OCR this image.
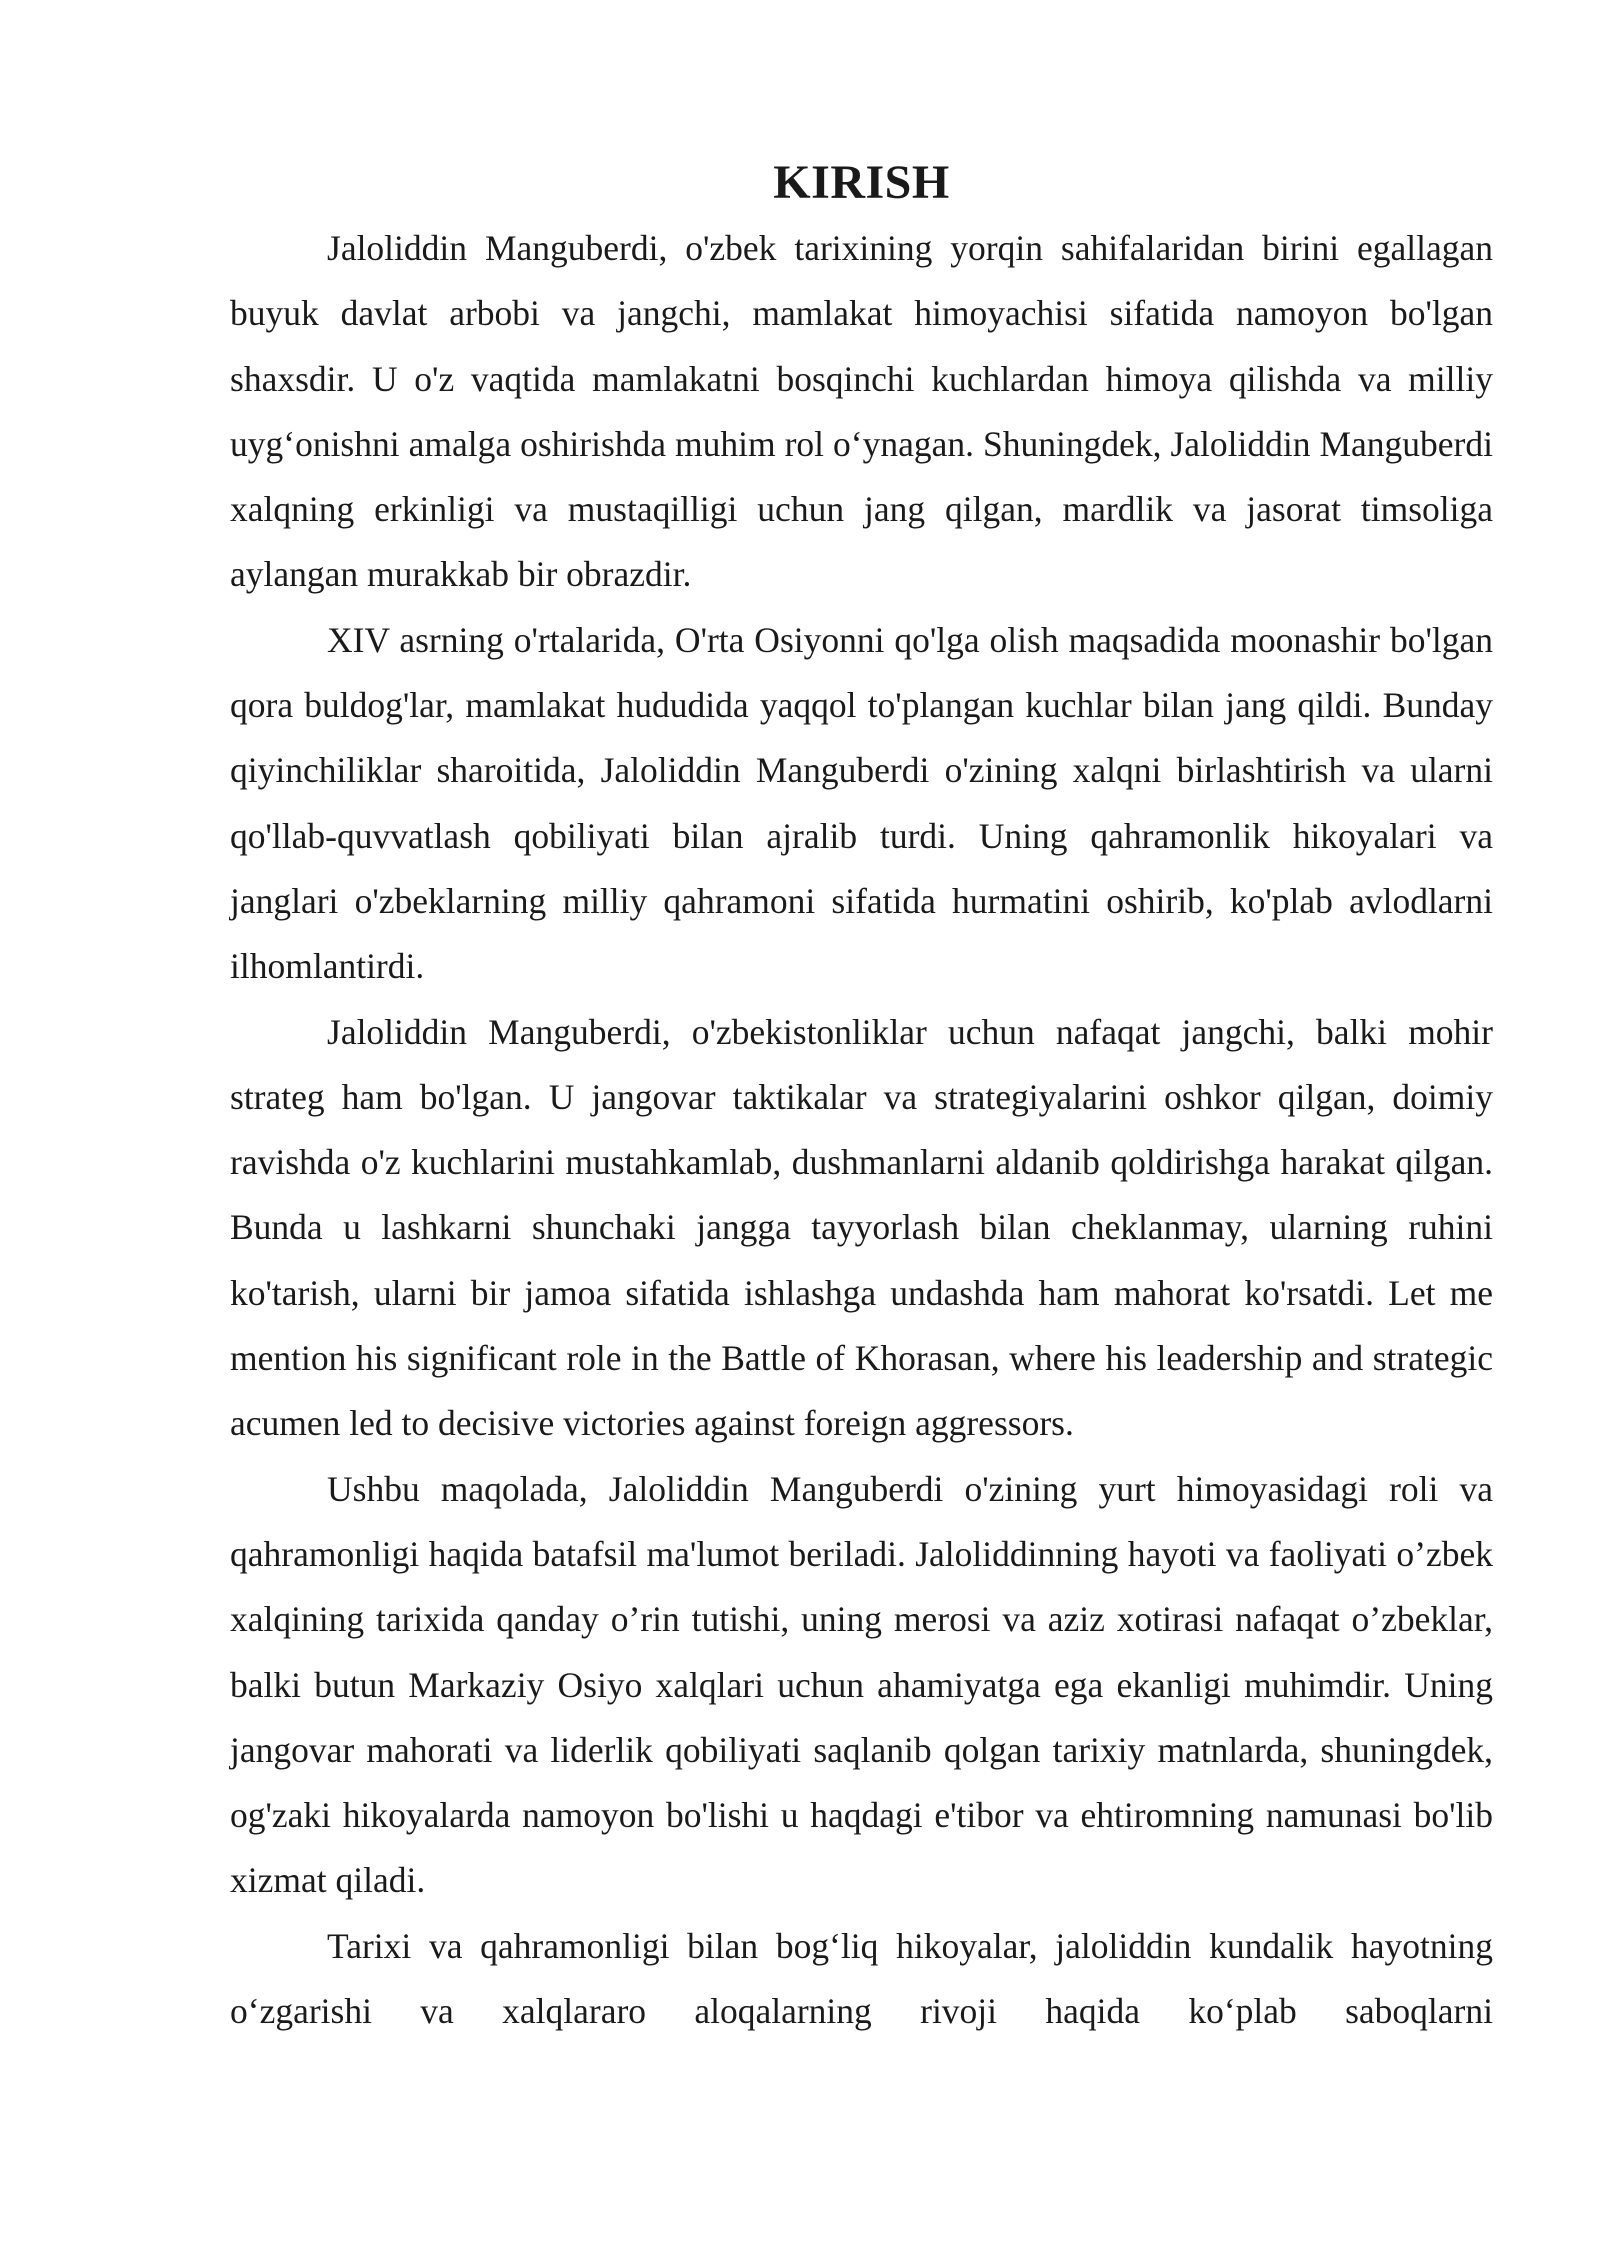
KIRISH

Jaloliddin Manguberdi, o'zbek tarixining yorqin sahifalaridan birini egallagan buyuk davlat arbobi va jangchi, mamlakat himoyachisi sifatida namoyon bo'lgan shaxsdir. U o'z vaqtida mamlakatni bosqinchi kuchlardan himoya qilishda va milliy uyg‘onishni amalga oshirishda muhim rol o‘ynagan. Shuningdek, Jaloliddin Manguberdi xalqning erkinligi va mustaqilligi uchun jang qilgan, mardlik va jasorat timsoliga aylangan murakkab bir obrazdir.

XIV asrning o'rtalarida, O'rta Osiyonni qo'lga olish maqsadida moonashir bo'lgan qora buldog'lar, mamlakat hududida yaqqol to'plangan kuchlar bilan jang qildi. Bunday qiyinchiliklar sharoitida, Jaloliddin Manguberdi o'zining xalqni birlashtirish va ularni qo'llab-quvvatlash qobiliyati bilan ajralib turdi. Uning qahramonlik hikoyalari va janglari o'zbeklarning milliy qahramoni sifatida hurmatini oshirib, ko'plab avlodlarni ilhomlantirdi.

Jaloliddin Manguberdi, o'zbekistonliklar uchun nafaqat jangchi, balki mohir strateg ham bo'lgan. U jangovar taktikalar va strategiyalarini oshkor qilgan, doimiy ravishda o'z kuchlarini mustahkamlab, dushmanlarni aldanib qoldirishga harakat qilgan. Bunda u lashkarni shunchaki jangga tayyorlash bilan cheklanmay, ularning ruhini ko'tarish, ularni bir jamoa sifatida ishlashga undashda ham mahorat ko'rsatdi. Let me mention his significant role in the Battle of Khorasan, where his leadership and strategic acumen led to decisive victories against foreign aggressors.

Ushbu maqolada, Jaloliddin Manguberdi o'zining yurt himoyasidagi roli va qahramonligi haqida batafsil ma'lumot beriladi. Jaloliddinning hayoti va faoliyati o’zbek xalqining tarixida qanday o’rin tutishi, uning merosi va aziz xotirasi nafaqat o’zbeklar, balki butun Markaziy Osiyo xalqlari uchun ahamiyatga ega ekanligi muhimdir. Uning jangovar mahorati va liderlik qobiliyati saqlanib qolgan tarixiy matnlarda, shuningdek, og'zaki hikoyalarda namoyon bo'lishi u haqdagi e'tibor va ehtiromning namunasi bo'lib xizmat qiladi.

Tarixi va qahramonligi bilan bog‘liq hikoyalar, jaloliddin kundalik hayotning o‘zgarishi va xalqlararo aloqalarning rivoji haqida ko‘plab saboqlarni
